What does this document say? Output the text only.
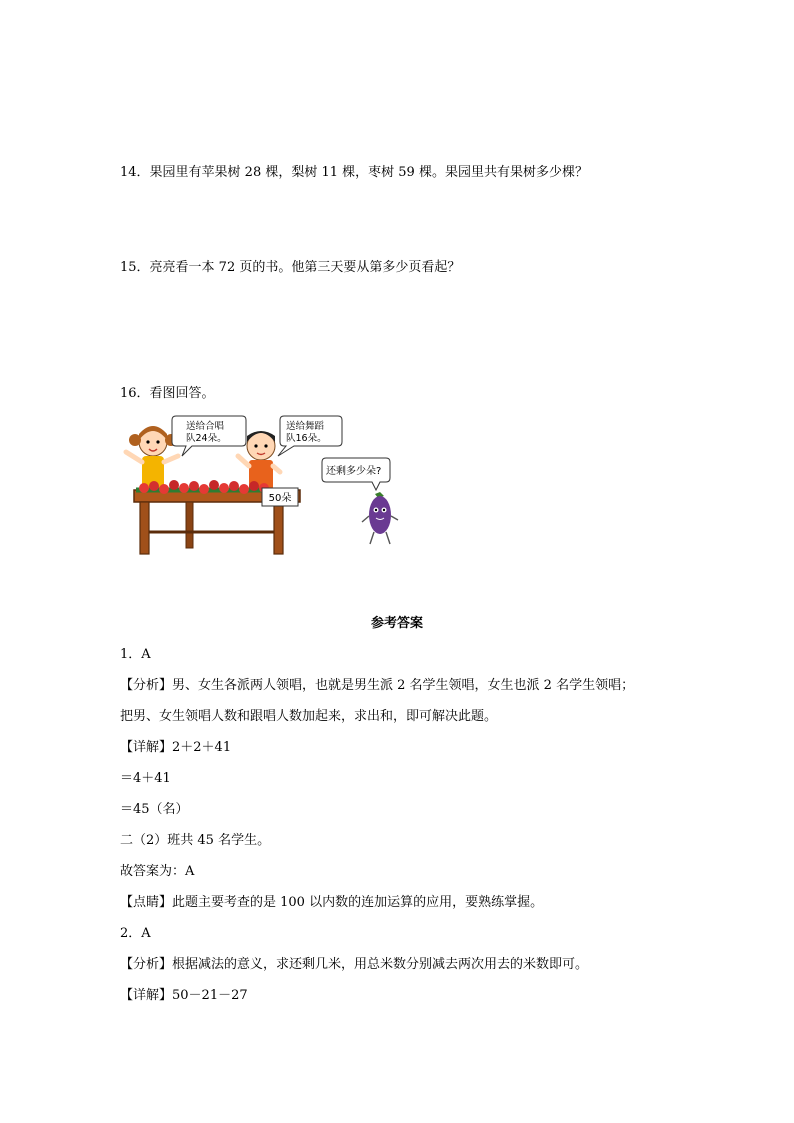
14．果园里有苹果树 28 棵，梨树 11 棵，枣树 59 棵。果园里共有果树多少棵？
15．亮亮看一本 72 页的书。他第三天要从第多少页看起？
16．看图回答。
50朵
送给合唱
队24朵。
送给舞蹈
队16朵。
还剩多少朵?
参考答案
1．A
【分析】男、女生各派两人领唱，也就是男生派 2 名学生领唱，女生也派 2 名学生领唱；
把男、女生领唱人数和跟唱人数加起来，求出和，即可解决此题。
【详解】2＋2＋41
＝4＋41
＝45（名）
二（2）班共 45 名学生。
故答案为：A
【点睛】此题主要考查的是 100 以内数的连加运算的应用，要熟练掌握。
2．A
【分析】根据减法的意义，求还剩几米，用总米数分别减去两次用去的米数即可。
【详解】50－21－27
